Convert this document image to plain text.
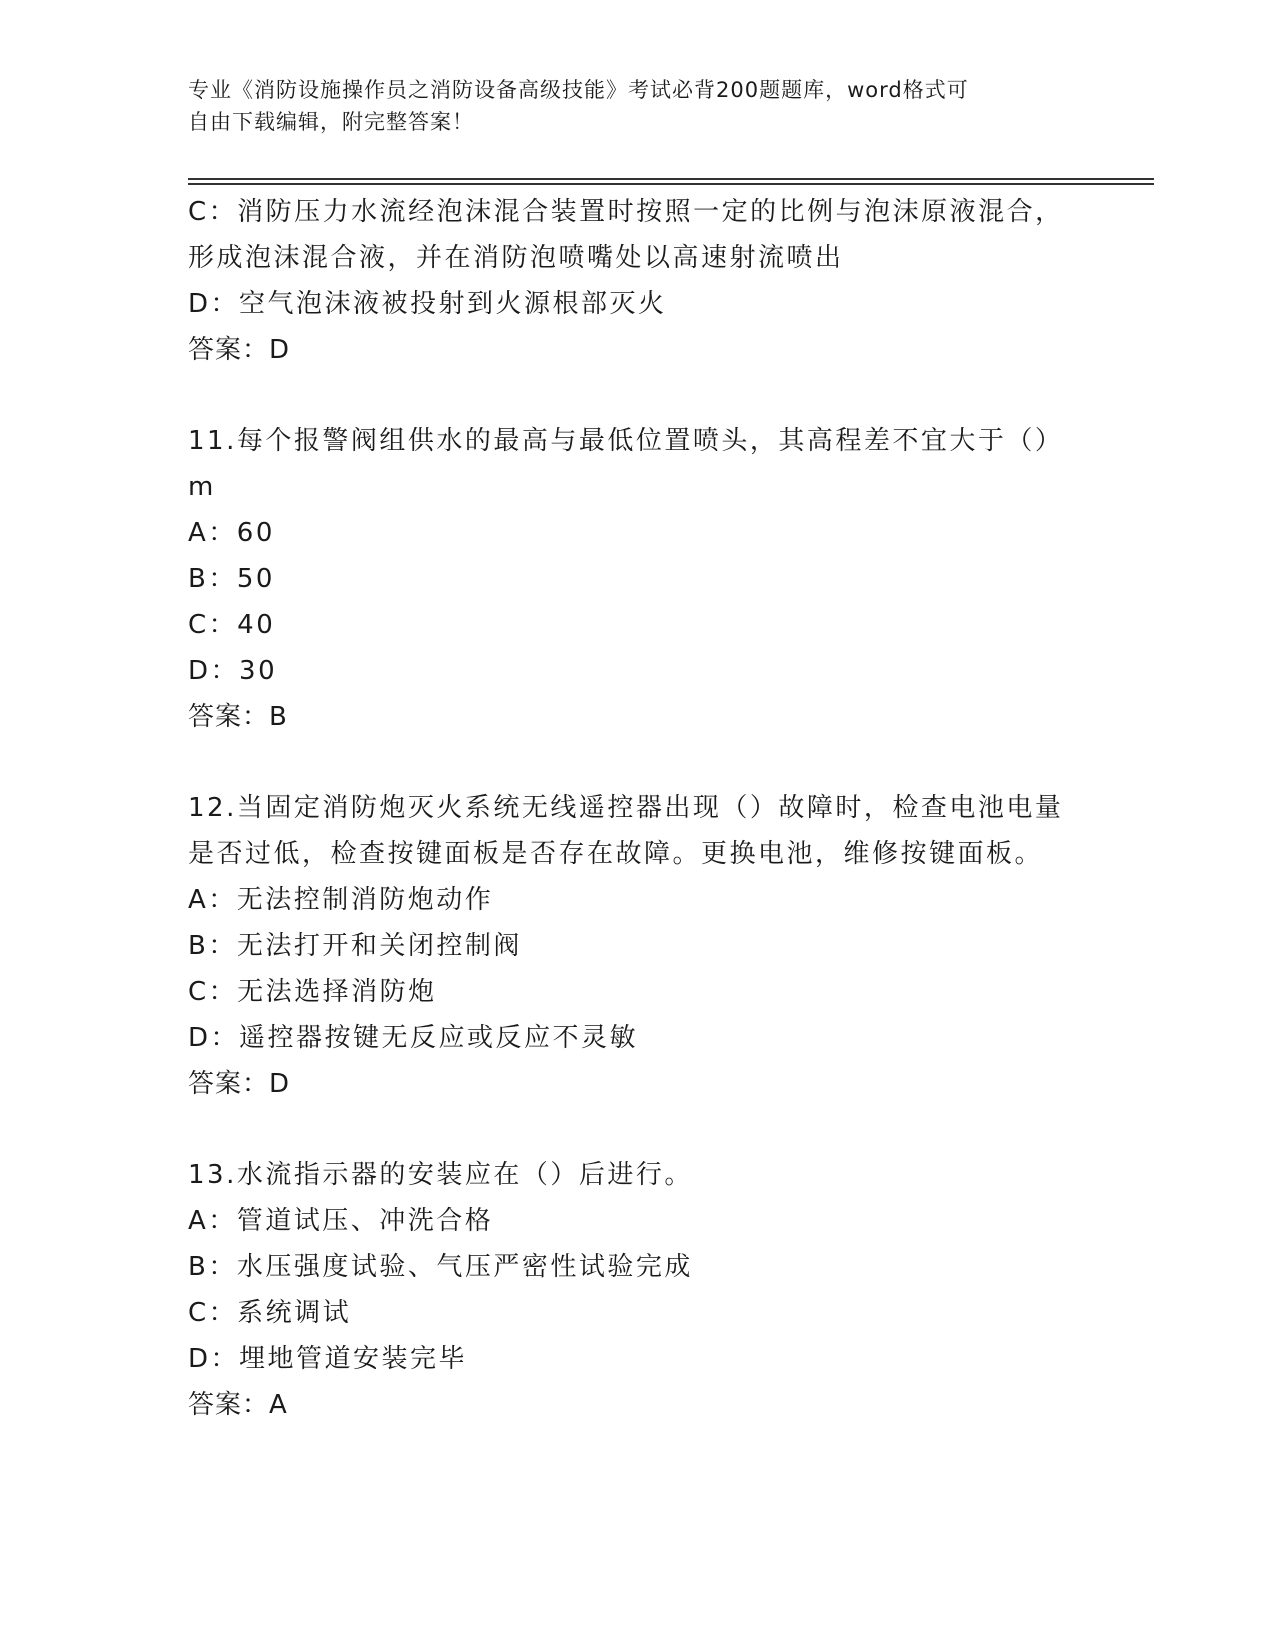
专业《消防设施操作员之消防设备高级技能》考试必背200题题库，word格式可
自由下载编辑，附完整答案！
C：消防压力水流经泡沫混合装置时按照一定的比例与泡沫原液混合，
形成泡沫混合液，并在消防泡喷嘴处以高速射流喷出
D：空气泡沫液被投射到火源根部灭火
答案：D
11.每个报警阀组供水的最高与最低位置喷头，其高程差不宜大于（）
m
A：60
B：50
C：40
D：30
答案：B
12.当固定消防炮灭火系统无线遥控器出现（）故障时，检查电池电量
是否过低，检查按键面板是否存在故障。更换电池，维修按键面板。
A：无法控制消防炮动作
B：无法打开和关闭控制阀
C：无法选择消防炮
D：遥控器按键无反应或反应不灵敏
答案：D
13.水流指示器的安装应在（）后进行。
A：管道试压、冲洗合格
B：水压强度试验、气压严密性试验完成
C：系统调试
D：埋地管道安装完毕
答案：A
